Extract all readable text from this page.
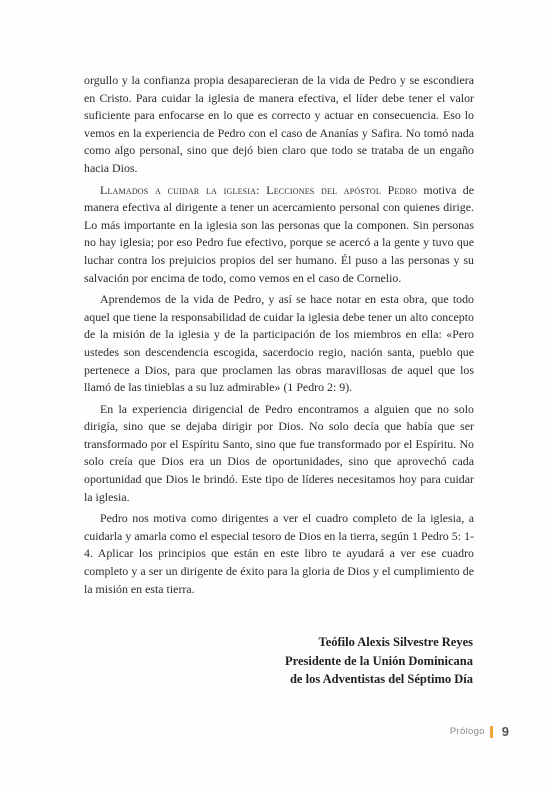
orgullo y la confianza propia desaparecieran de la vida de Pedro y se escondiera en Cristo. Para cuidar la iglesia de manera efectiva, el líder debe tener el valor suficiente para enfocarse en lo que es correcto y actuar en consecuencia. Eso lo vemos en la experiencia de Pedro con el caso de Ananías y Safira. No tomó nada como algo personal, sino que dejó bien claro que todo se trataba de un engaño hacia Dios.

Llamados a cuidar la iglesia: Lecciones del apóstol Pedro motiva de manera efectiva al dirigente a tener un acercamiento personal con quienes dirige. Lo más importante en la iglesia son las personas que la componen. Sin personas no hay iglesia; por eso Pedro fue efectivo, porque se acercó a la gente y tuvo que luchar contra los prejuicios propios del ser humano. Él puso a las personas y su salvación por encima de todo, como vemos en el caso de Cornelio.

Aprendemos de la vida de Pedro, y así se hace notar en esta obra, que todo aquel que tiene la responsabilidad de cuidar la iglesia debe tener un alto concepto de la misión de la iglesia y de la participación de los miembros en ella: «Pero ustedes son descendencia escogida, sacerdocio regio, nación santa, pueblo que pertenece a Dios, para que proclamen las obras maravillosas de aquel que los llamó de las tinieblas a su luz admirable» (1 Pedro 2: 9).

En la experiencia dirigencial de Pedro encontramos a alguien que no solo dirigía, sino que se dejaba dirigir por Dios. No solo decía que había que ser transformado por el Espíritu Santo, sino que fue transformado por el Espíritu. No solo creía que Dios era un Dios de oportunidades, sino que aprovechó cada oportunidad que Dios le brindó. Este tipo de líderes necesitamos hoy para cuidar la iglesia.

Pedro nos motiva como dirigentes a ver el cuadro completo de la iglesia, a cuidarla y amarla como el especial tesoro de Dios en la tierra, según 1 Pedro 5: 1-4. Aplicar los principios que están en este libro te ayudará a ver ese cuadro completo y a ser un dirigente de éxito para la gloria de Dios y el cumplimiento de la misión en esta tierra.

Teófilo Alexis Silvestre Reyes
Presidente de la Unión Dominicana
de los Adventistas del Séptimo Día
Prólogo 9
